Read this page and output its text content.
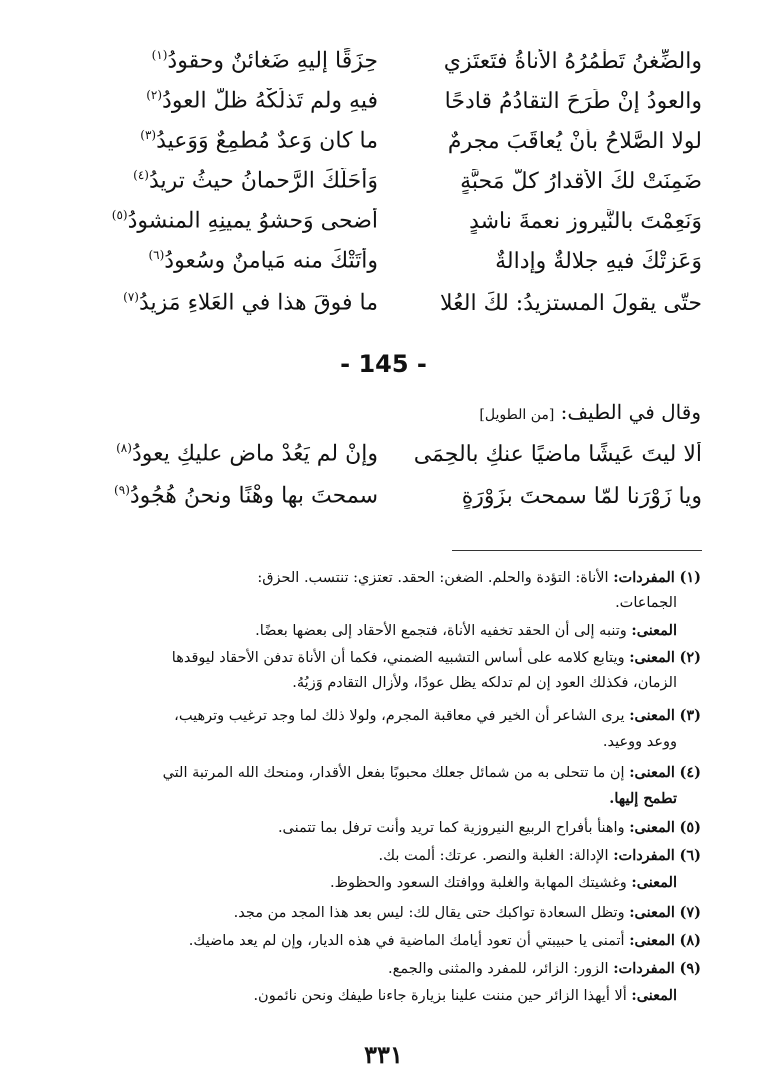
والضِّغنُ تَطْمُرُهُ الأناةُ فتَعتَزي
حِزَقًا إليهِ ضَغائنٌ وحقودُ$^{(١)}$
والعودُ إنْ طَرَحَ التقادُمُ قادحًا
فيهِ ولم تَذلُكْهُ ظلَّ العودُ$^{(٢)}$
لولا الصَّلاحُ بأنْ يُعاقَبَ مجرمٌ
ما كان وَعدٌ مُطمِعٌ وَوَعيدُ$^{(٣)}$
ضَمِنَتْ لكَ الأقدارُ كلَّ مَحبَّةٍ
وَأحَلَّكَ الرَّحمانُ حيثُ تريدُ$^{(٤)}$
وَنَعِمْتَ بالنَّيروزِ نعمةَ ناشدٍ
أضحى وَحشوُ يمينِهِ المنشودُ$^{(٥)}$
وَعَزتْكَ فيهِ جلالةٌ وإدالةٌ
وأتَتْكَ منه مَيامنٌ وسُعودُ$^{(٦)}$
حتّى يقولَ المستزيدُ: لكَ العُلا
ما فوقَ هذا في العَلاءِ مَزيدُ$^{(٧)}$
- 145 -
وقال في الطيف: [من الطويل]
ألا ليتَ عَيشًا ماضيًا عنكِ بالحِمَى
وإنْ لم يَعُدْ ماضٍ عليكِ يعودُ$^{(٨)}$
ويا زَوْرَنا لمّا سمحتَ بزَوْرَةٍ
سمحتَ بها وهْنًا ونحنُ هُجُودُ$^{(٩)}$
(١) المفردات: الأناة: التؤدة والحلم. الضغن: الحقد. تعتزي: تنتسب. الحزق:
الجماعات.
المعنى: وتنبه إلى أن الحقد تخفيه الأناة، فتجمع الأحقاد إلى بعضها بعضًا.
(٢) المعنى: ويتابع كلامه على أساس التشبيه الضمني، فكما أن الأناة تدفن الأحقاد ليوقدها
الزمان، فكذلك العود إن لم تدلكه يظل عودًا، ولأزال التقادم وَزيُهُ.
(٣) المعنى: يرى الشاعر أن الخير في معاقبة المجرم، ولولا ذلك لما وجد ترغيب وترهيب،
ووعد ووعيد.
(٤) المعنى: إن ما تتحلى به من شمائل جعلك محبوبًا بفعل الأقدار، ومنحك الله المرتبة التي
تطمح إليها.
(٥) المعنى: واهنأ بأفراح الربيع النيروزية كما تريد وأنت ترفل بما تتمنى.
(٦) المفردات: الإدالة: الغلبة والنصر. عرتك: ألمت بك.
المعنى: وغشيتك المهابة والغلبة ووافتك السعود والحظوظ.
(٧) المعنى: وتظل السعادة تواكبك حتى يقال لك: ليس بعد هذا المجد من مجد.
(٨) المعنى: أتمنى يا حبيبتي أن تعود أيامك الماضية في هذه الديار، وإن لم يعد ماضيك.
(٩) المفردات: الزور: الزائر، للمفرد والمثنى والجمع.
المعنى: ألا أيهذا الزائر حين مننت علينا بزيارة جاءنا طيفك ونحن نائمون.
٣٣١
